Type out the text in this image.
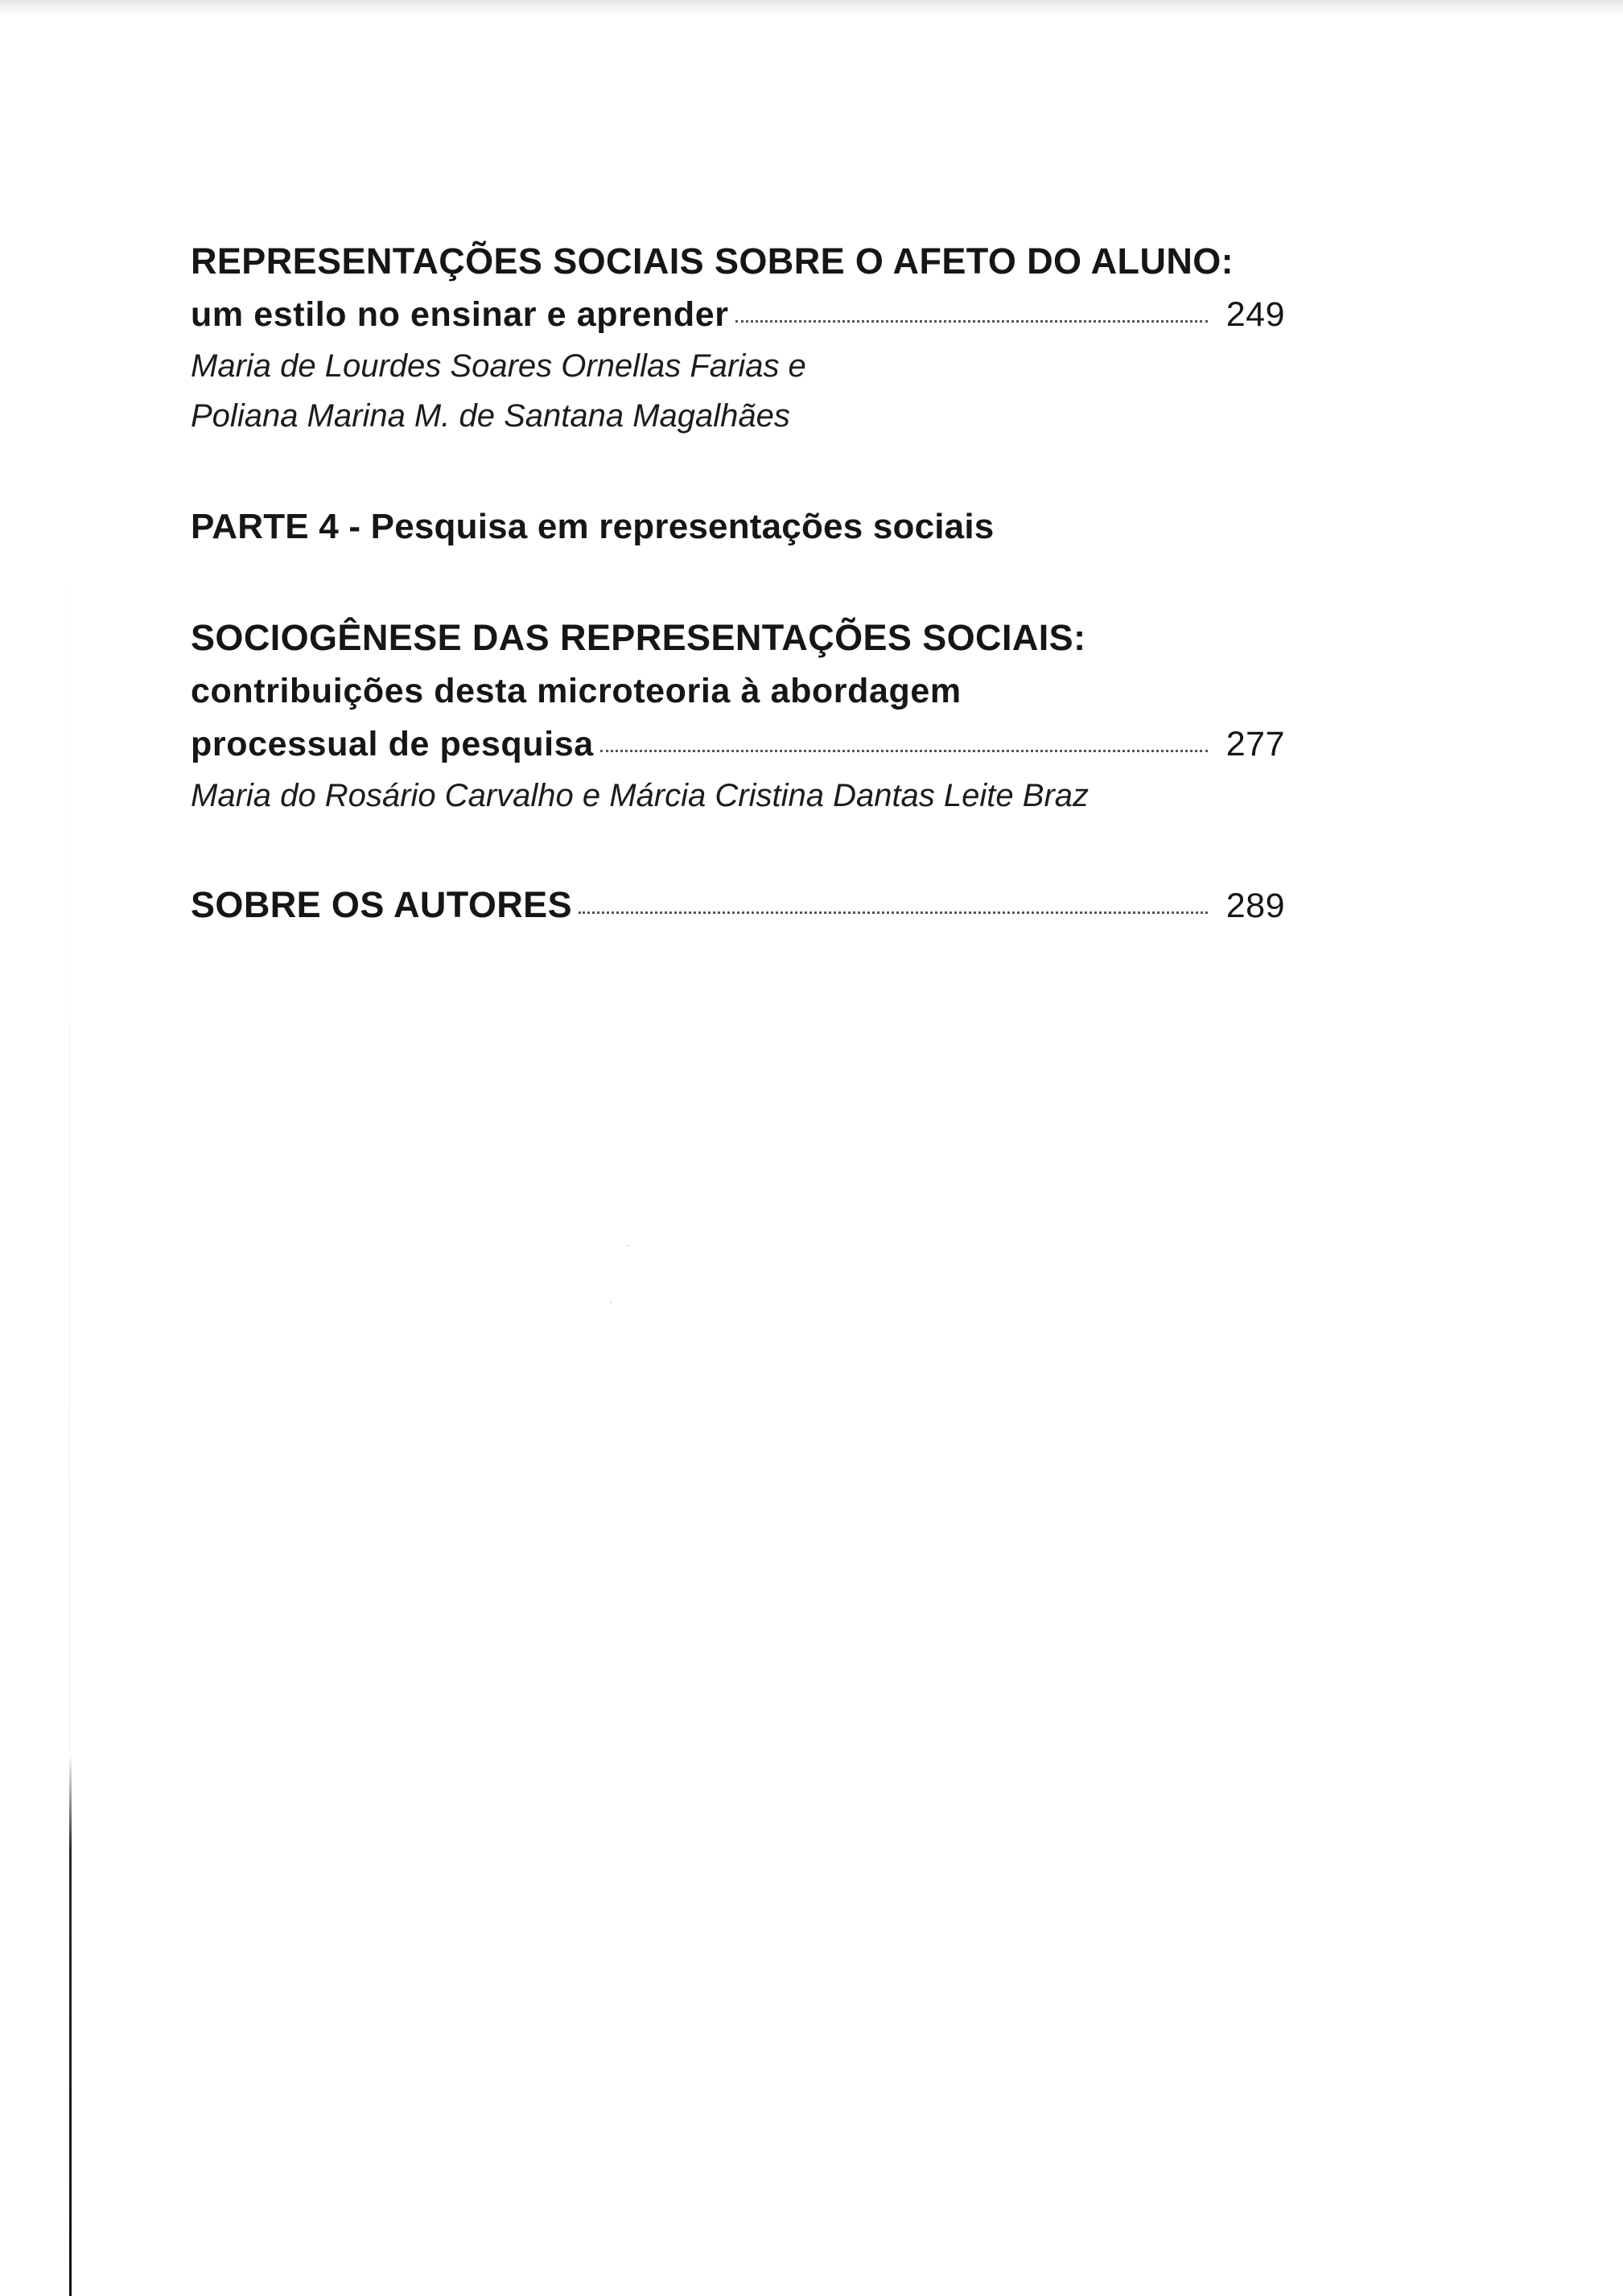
REPRESENTAÇÕES SOCIAIS SOBRE O AFETO DO ALUNO:
um estilo no ensinar e aprender	249
Maria de Lourdes Soares Ornellas Farias e
Poliana Marina M. de Santana Magalhães
PARTE 4 - Pesquisa em representações sociais
SOCIOGÊNESE DAS REPRESENTAÇÕES SOCIAIS:
contribuições desta microteoria à abordagem
processual de pesquisa	277
Maria do Rosário Carvalho e Márcia Cristina Dantas Leite Braz
SOBRE OS AUTORES	289
